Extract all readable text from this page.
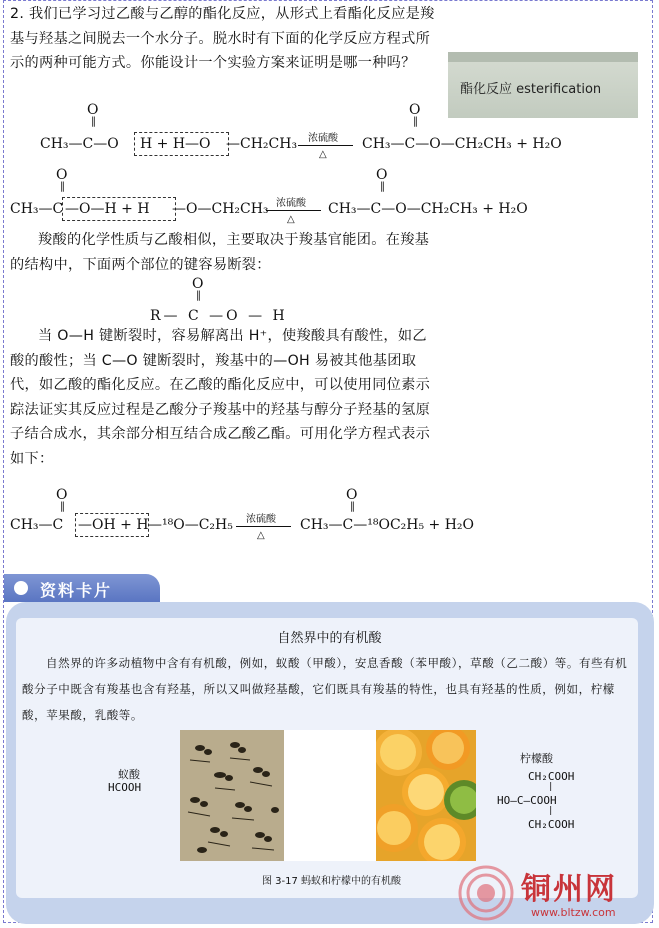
2. 我们已学习过乙酸与乙醇的酯化反应，从形式上看酯化反应是羧基与羟基之间脱去一个水分子。脱水时有下面的化学反应方程式所示的两种可能方式。你能设计一个实验方案来证明是哪一种吗？

酯化反应 esterification
O
‖
CH₃—C—O H + H—O —CH₂CH₃ 浓硫酸
△
O
‖
CH₃—C—O—CH₂CH₃ + H₂O
O
‖
CH₃—C —O—H + H —O—CH₂CH₃ 浓硫酸
△
O
‖
CH₃—C—O—CH₂CH₃ + H₂O

羧酸的化学性质与乙酸相似，主要取决于羧基官能团。在羧基的结构中，下面两个部位的键容易断裂：

O
‖
R— C —O — H

当 O—H 键断裂时，容易解离出 H⁺，使羧酸具有酸性，如乙酸的酸性；当 C—O 键断裂时，羧基中的—OH 易被其他基团取代，如乙酸的酯化反应。在乙酸的酯化反应中，可以使用同位素示踪法证实其反应过程是乙酸分子羧基中的羟基与醇分子羟基的氢原子结合成水，其余部分相互结合成乙酸乙酯。可用化学方程式表示如下：

O
‖
CH₃—C —OH + H —¹⁸O—C₂H₅ 浓硫酸
△
O
‖
CH₃—C—¹⁸OC₂H₅ + H₂O
资料卡片
自然界中的有机酸

自然界的许多动植物中含有有机酸，例如，蚁酸（甲酸），安息香酸（苯甲酸），草酸（乙二酸）等。有些有机酸分子中既含有羧基也含有羟基，所以又叫做羟基酸，它们既具有羧基的特性，也具有羟基的性质，例如，柠檬酸，苹果酸，乳酸等。

蚁酸
HCOOH
柠檬酸
CH₂COOH
|
HO—C—COOH
|
CH₂COOH
图 3-17 蚂蚁和柠檬中的有机酸	铜州网
www.bltzw.com
